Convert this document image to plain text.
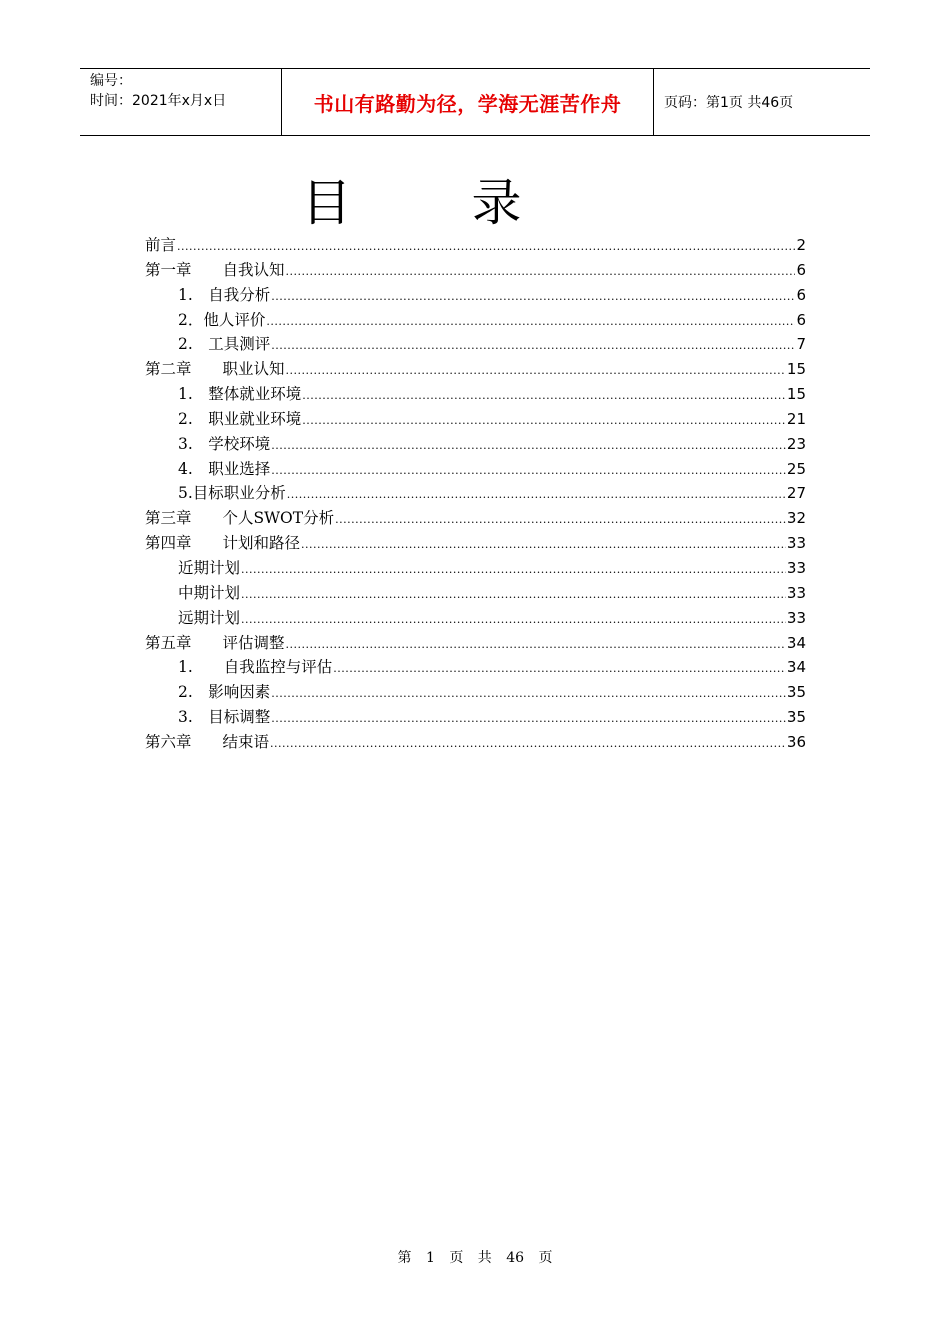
编号：
时间：2021年x月x日	书山有路勤为径，学海无涯苦作舟	页码：第1页 共46页
目 录
前言 .....	2
第一章　　自我认知 .....	6
1.　自我分析 .....	6
2．他人评价 .....	6
2.　工具测评 .....	7
第二章　　职业认知 .....	15
1.　整体就业环境 .....	15
2.　职业就业环境 .....	21
3.　学校环境 .....	23
4.　职业选择 .....	25
5.目标职业分析 .....	27
第三章　　个人SWOT分析 .....	32
第四章　　计划和路径 .....	33
近期计划 .....	33
中期计划 .....	33
远期计划 .....	33
第五章　　评估调整 .....	34
1.　　自我监控与评估 .....	34
2.　影响因素 .....	35
3.　目标调整 .....	35
第六章　　结束语 .....	36
第 1 页 共 46 页
